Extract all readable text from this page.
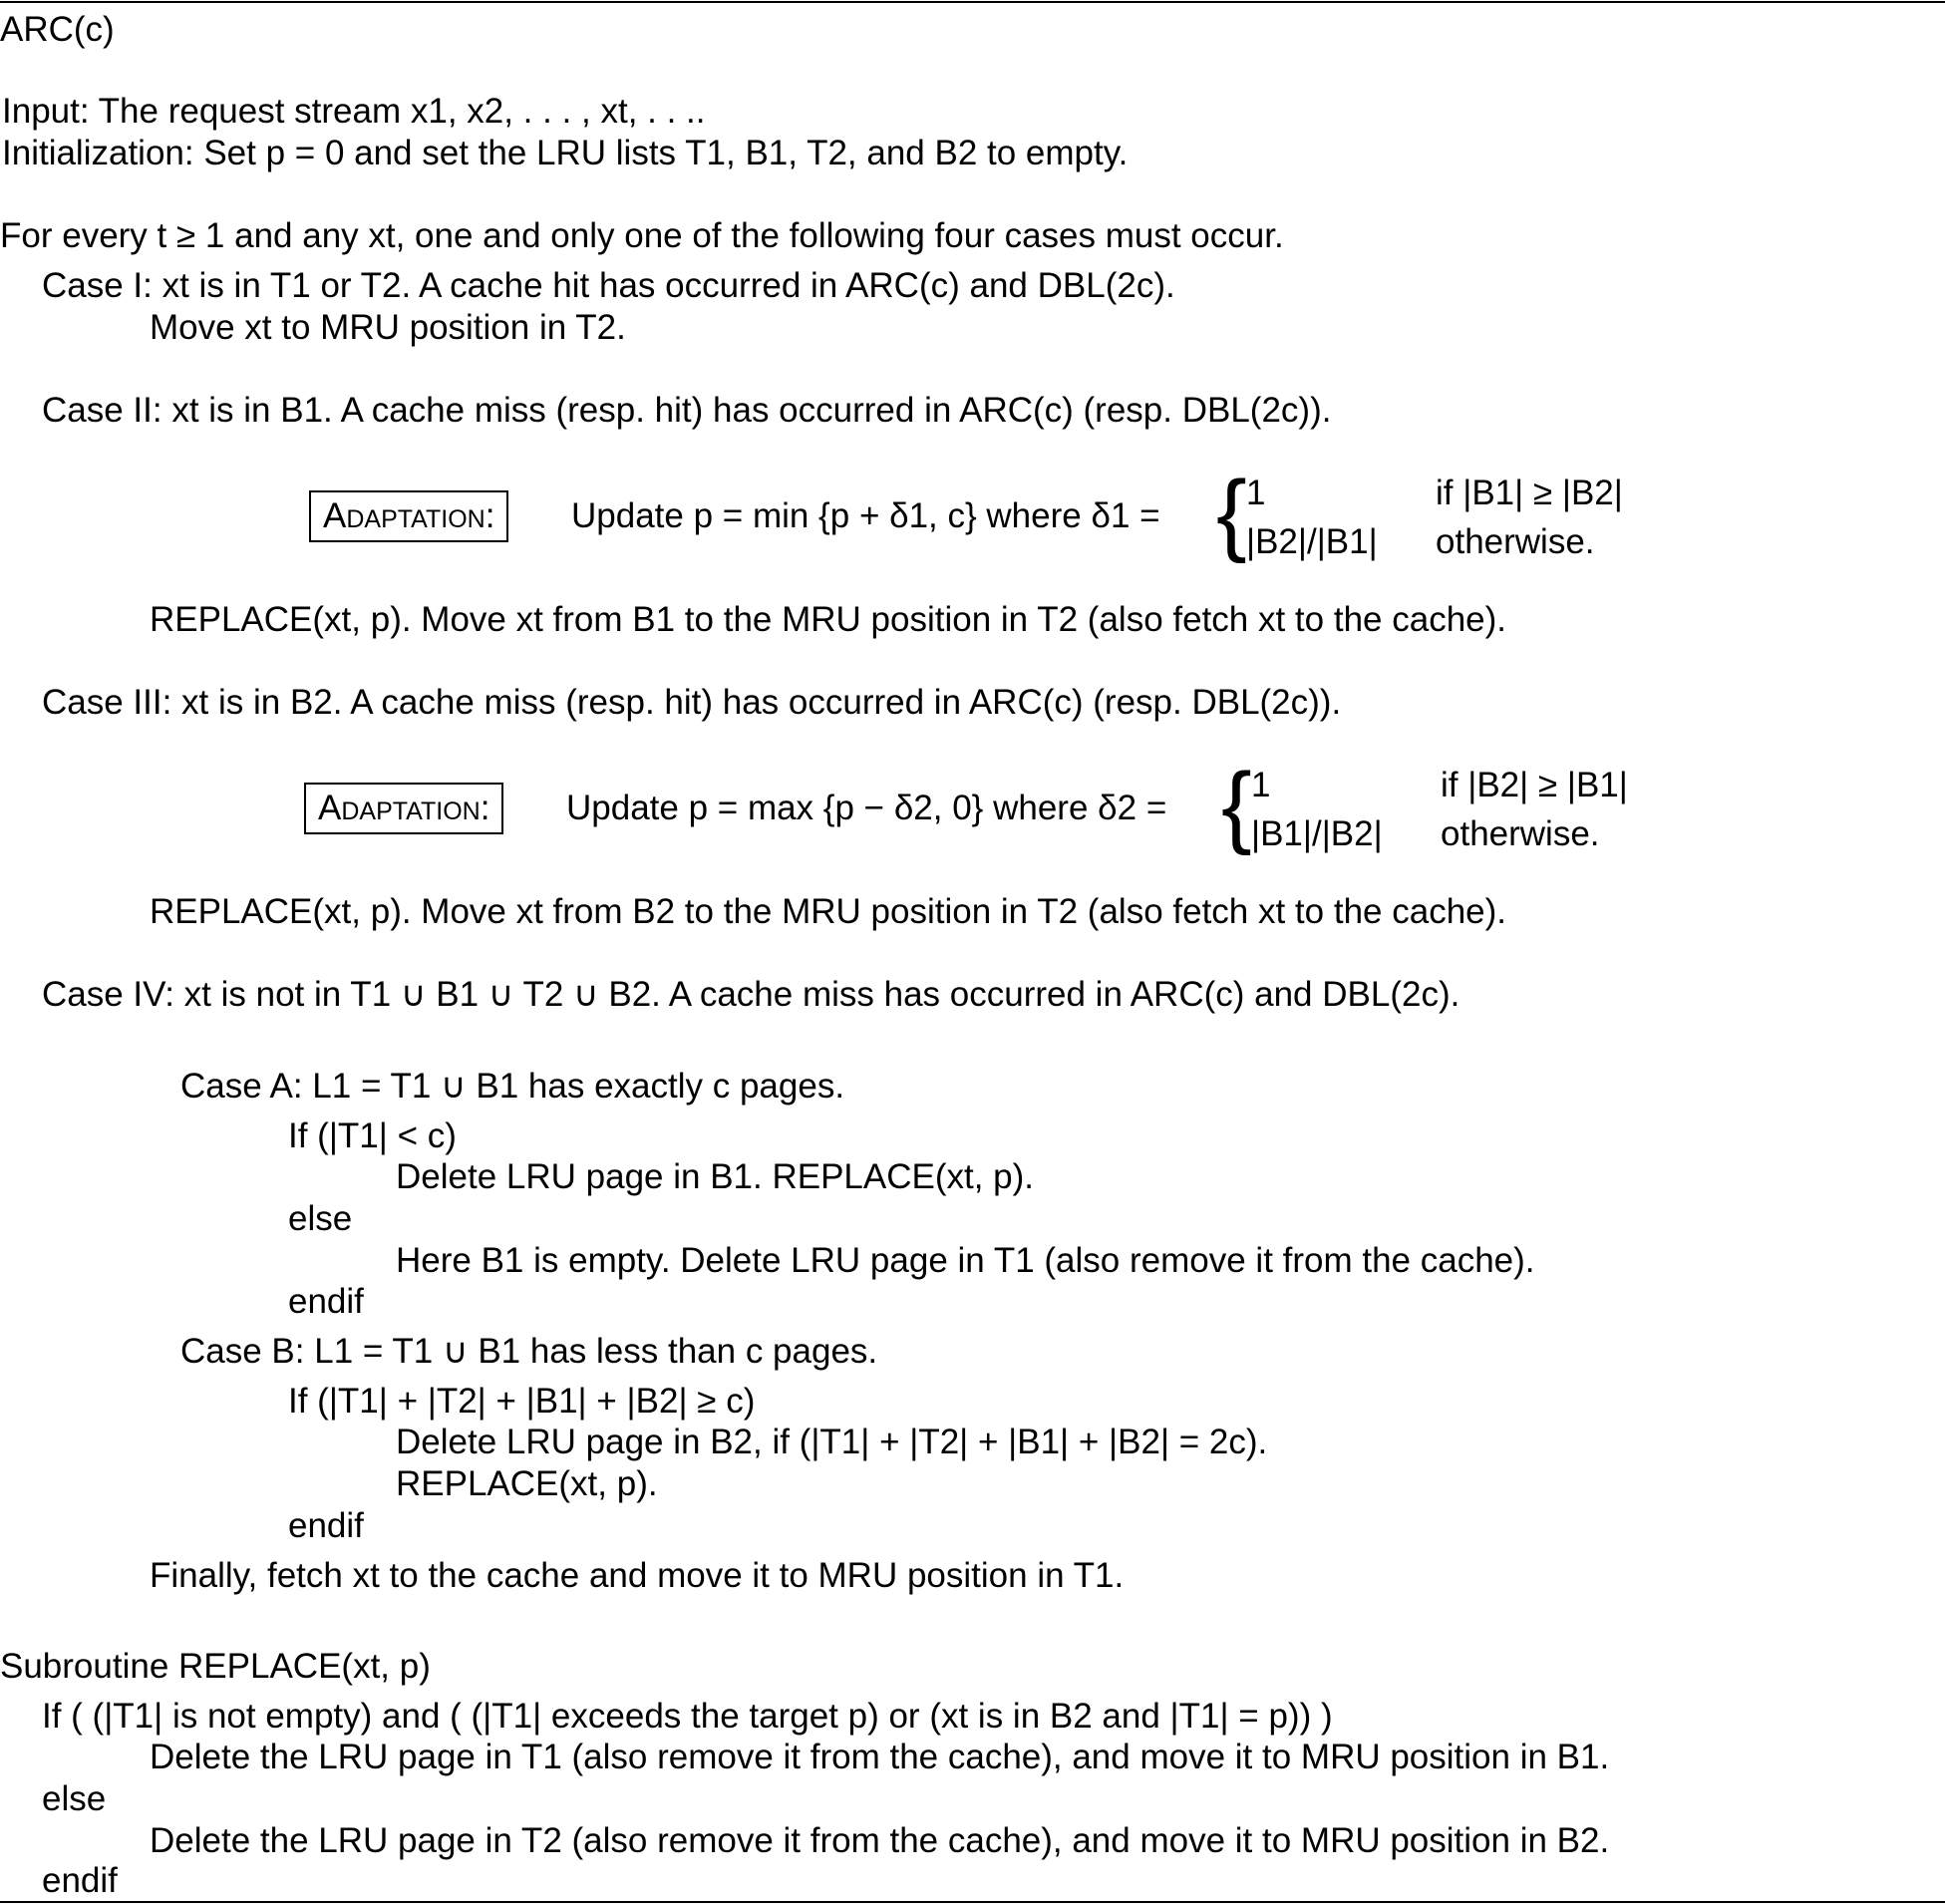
ARC(c)
Input: The request stream x1, x2, . . . , xt, . . ..
Initialization: Set p = 0 and set the LRU lists T1, B1, T2, and B2 to empty.
For every t ≥ 1 and any xt, one and only one of the following four cases must occur.
Case I: xt is in T1 or T2. A cache hit has occurred in ARC(c) and DBL(2c).
Move xt to MRU position in T2.
Case II: xt is in B1. A cache miss (resp. hit) has occurred in ARC(c) (resp. DBL(2c)).
Adaptation:	Update p = min {p + δ1, c} where δ1 = { 1	if |B1| ≥ |B2|
|B2|/|B1| otherwise.
REPLACE(xt, p). Move xt from B1 to the MRU position in T2 (also fetch xt to the cache).
Case III: xt is in B2. A cache miss (resp. hit) has occurred in ARC(c) (resp. DBL(2c)).
Adaptation:	Update p = max {p − δ2, 0} where δ2 = { 1	if |B2| ≥ |B1|
|B1|/|B2| otherwise.
REPLACE(xt, p). Move xt from B2 to the MRU position in T2 (also fetch xt to the cache).
Case IV: xt is not in T1 ∪ B1 ∪ T2 ∪ B2. A cache miss has occurred in ARC(c) and DBL(2c).
Case A: L1 = T1 ∪ B1 has exactly c pages.
If (|T1| < c)
Delete LRU page in B1. REPLACE(xt, p).
else
Here B1 is empty. Delete LRU page in T1 (also remove it from the cache).
endif
Case B: L1 = T1 ∪ B1 has less than c pages.
If (|T1| + |T2| + |B1| + |B2| ≥ c)
Delete LRU page in B2, if (|T1| + |T2| + |B1| + |B2| = 2c).
REPLACE(xt, p).
endif
Finally, fetch xt to the cache and move it to MRU position in T1.
Subroutine REPLACE(xt, p)
If ( (|T1| is not empty) and ( (|T1| exceeds the target p) or (xt is in B2 and |T1| = p)) )
Delete the LRU page in T1 (also remove it from the cache), and move it to MRU position in B1.
else
Delete the LRU page in T2 (also remove it from the cache), and move it to MRU position in B2.
endif
